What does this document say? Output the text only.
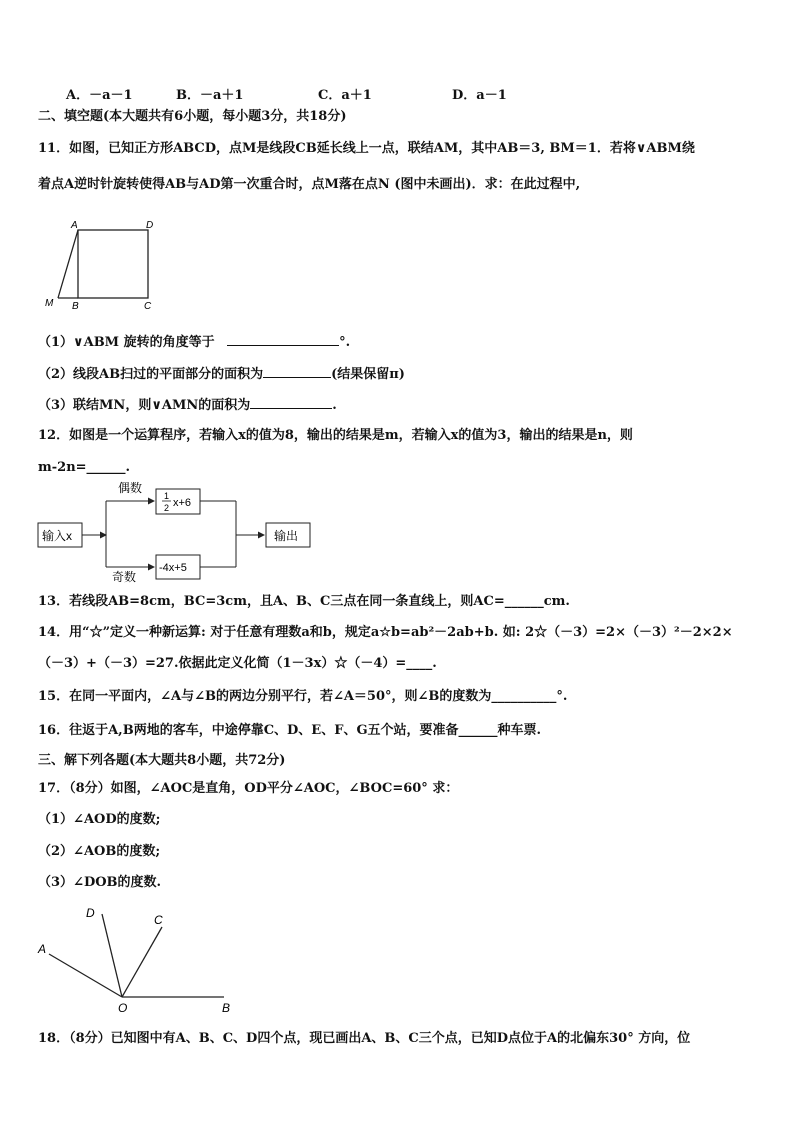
A．－a－1	B．－a＋1	C．a＋1	D．a－1
二、填空题(本大题共有6小题，每小题3分，共18分)
11．如图，已知正方形ABCD，点M是线段CB延长线上一点，联结AM，其中AB＝3, BM＝1．若将∨ABM绕
着点A逆时针旋转使得AB与AD第一次重合时，点M落在点N (图中未画出)．求：在此过程中,
A	D
M B	C
（1）∨ABM 旋转的角度等于	°.
（2）线段AB扫过的平面部分的面积为	(结果保留π)
（3）联结MN，则∨AMN的面积为	.
12．如图是一个运算程序，若输入x的值为8，输出的结果是m，若输入x的值为3，输出的结果是n，则
m-2n=______.
输入x
偶数
奇数
1
2 x+6
-4x+5
输出
13．若线段AB=8cm，BC=3cm，且A、B、C三点在同一条直线上，则AC=______cm.
14．用“☆”定义一种新运算: 对于任意有理数a和b，规定a☆b=ab²－2ab+b. 如: 2☆（－3）=2×（－3）²－2×2×
（－3）+（－3）=27.依据此定义化简（1－3x）☆（－4）=____.
15．在同一平面内，∠A与∠B的两边分别平行，若∠A＝50°，则∠B的度数为__________°.
16．往返于A,B两地的客车，中途停靠C、D、E、F、G五个站，要准备______种车票.
三、解下列各题(本大题共8小题，共72分)
17．（8分）如图，∠AOC是直角，OD平分∠AOC，∠BOC=60° 求：
（1）∠AOD的度数;
（2）∠AOB的度数;
（3）∠DOB的度数.
A
D	C
O	B
18．（8分）已知图中有A、B、C、D四个点，现已画出A、B、C三个点，已知D点位于A的北偏东30° 方向，位
